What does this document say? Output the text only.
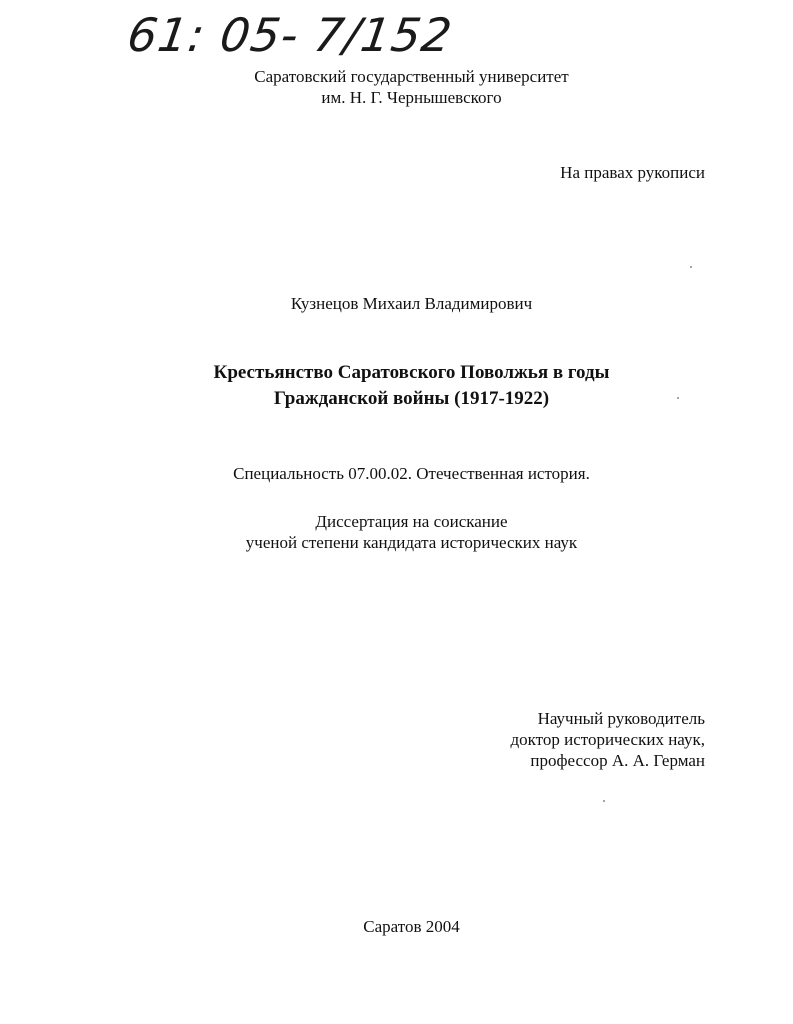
61: 05- 7/152
Саратовский государственный университет
им. Н. Г. Чернышевского
На правах рукописи
Кузнецов Михаил Владимирович
Крестьянство Саратовского Поволжья в годы
Гражданской войны (1917-1922)
Специальность 07.00.02. Отечественная история.
Диссертация на соискание
ученой степени кандидата исторических наук
Научный руководитель
доктор исторических наук,
профессор А. А. Герман
Саратов 2004
